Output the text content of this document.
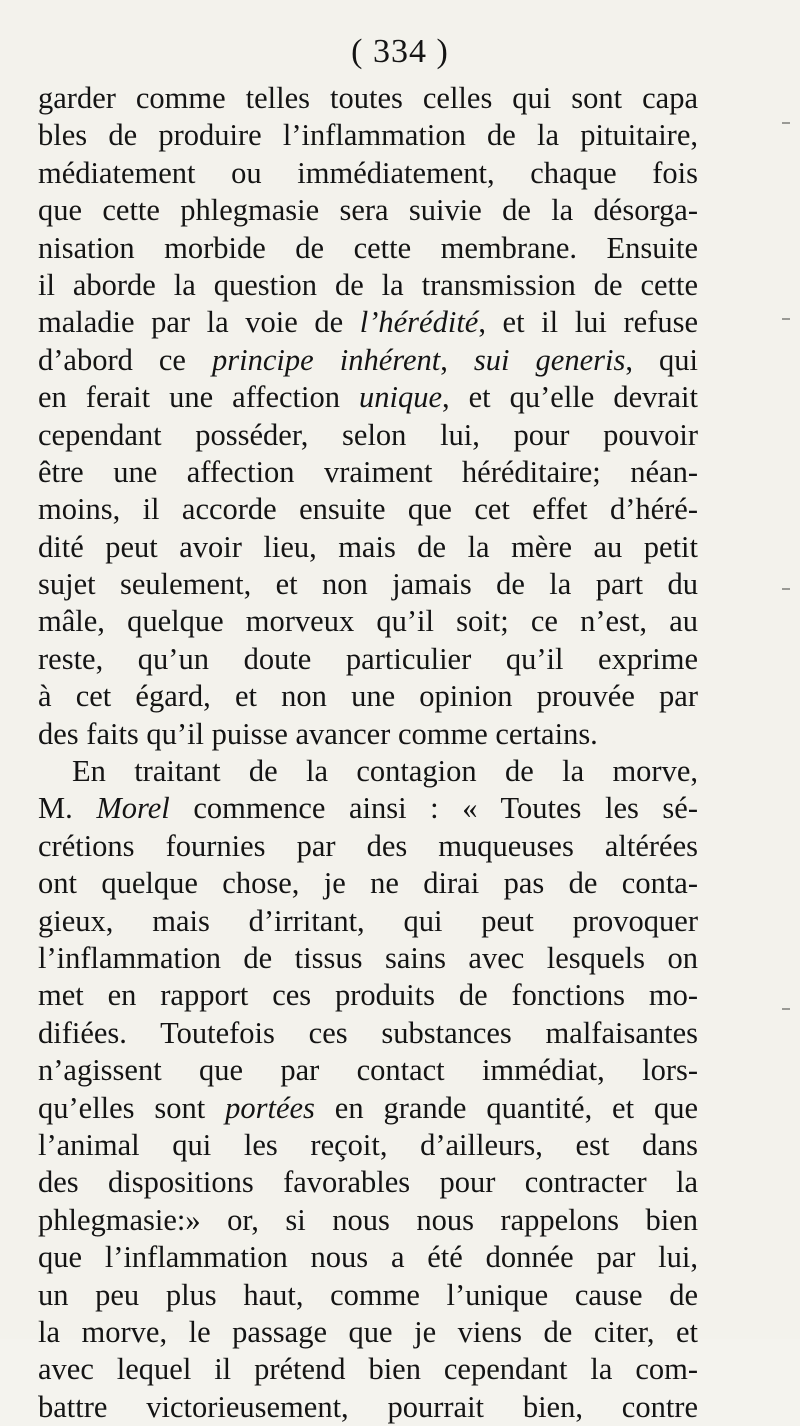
( 334 )
garder comme telles toutes celles qui sont capa
bles de produire l’inflammation de la pituitaire,
médiatement ou immédiatement, chaque fois
que cette phlegmasie sera suivie de la désorga-
nisation morbide de cette membrane. Ensuite
il aborde la question de la transmission de cette
maladie par la voie de l’hérédité, et il lui refuse
d’abord ce principe inhérent, sui generis, qui
en ferait une affection unique, et qu’elle devrait
cependant posséder, selon lui, pour pouvoir
être une affection vraiment héréditaire; néan-
moins, il accorde ensuite que cet effet d’héré-
dité peut avoir lieu, mais de la mère au petit
sujet seulement, et non jamais de la part du
mâle, quelque morveux qu’il soit; ce n’est, au
reste, qu’un doute particulier qu’il exprime
à cet égard, et non une opinion prouvée par
des faits qu’il puisse avancer comme certains.
En traitant de la contagion de la morve,
M. Morel commence ainsi : « Toutes les sé-
crétions fournies par des muqueuses altérées
ont quelque chose, je ne dirai pas de conta-
gieux, mais d’irritant, qui peut provoquer
l’inflammation de tissus sains avec lesquels on
met en rapport ces produits de fonctions mo-
difiées. Toutefois ces substances malfaisantes
n’agissent que par contact immédiat, lors-
qu’elles sont portées en grande quantité, et que
l’animal qui les reçoit, d’ailleurs, est dans
des dispositions favorables pour contracter la
phlegmasie:» or, si nous nous rappelons bien
que l’inflammation nous a été donnée par lui,
un peu plus haut, comme l’unique cause de
la morve, le passage que je viens de citer, et
avec lequel il prétend bien cependant la com-
battre victorieusement, pourrait bien, contre
